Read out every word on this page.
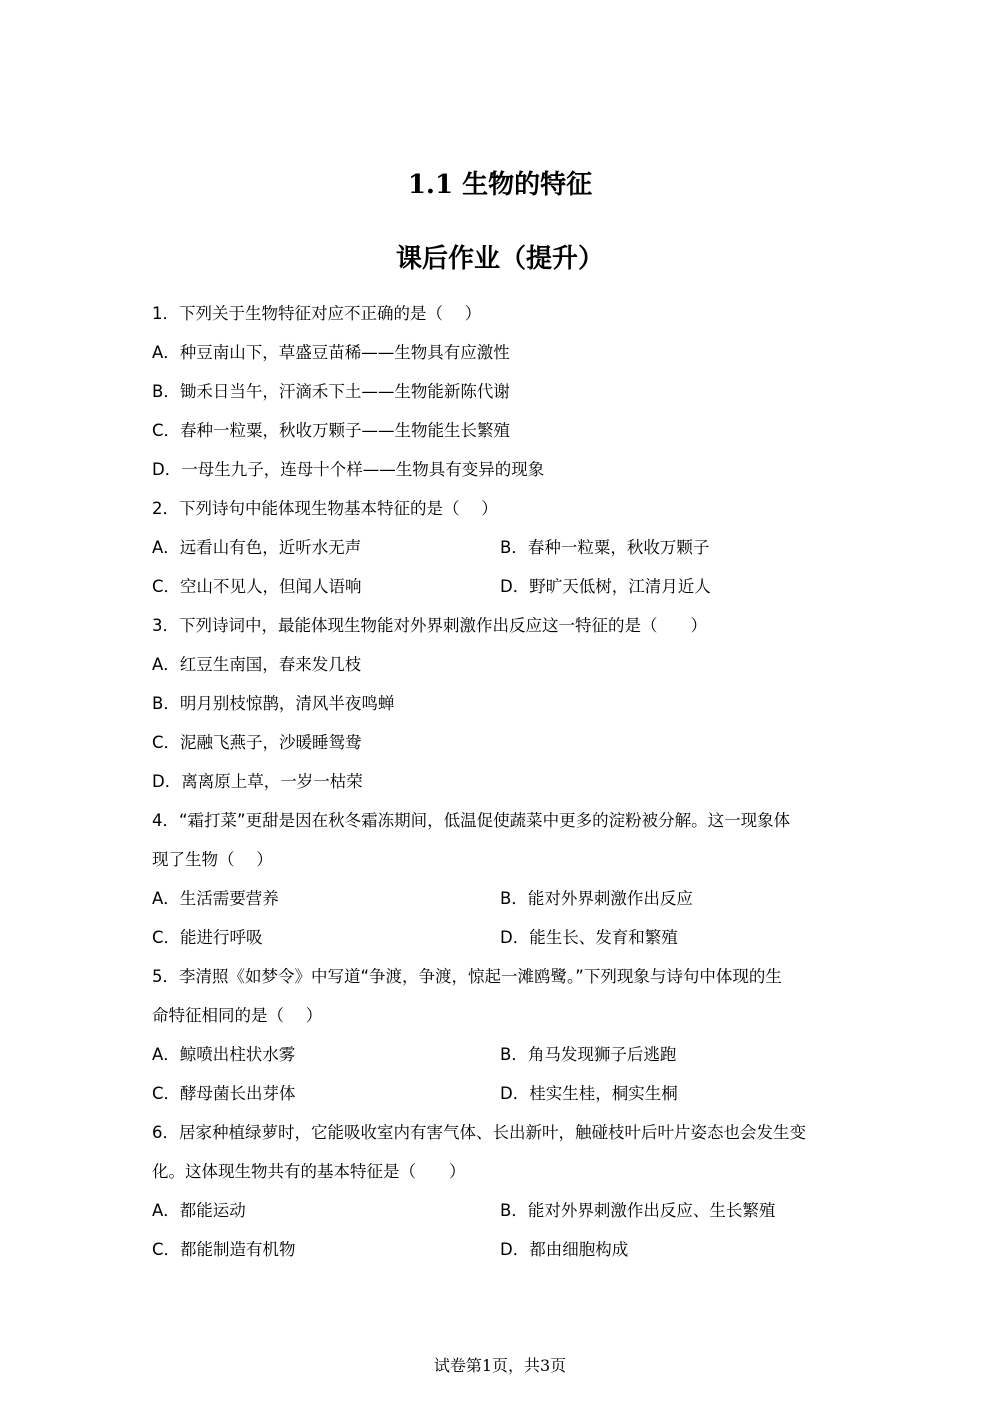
1.1 生物的特征
课后作业（提升）
1．下列关于生物特征对应不正确的是（　 ）
A．种豆南山下，草盛豆苗稀——生物具有应激性
B．锄禾日当午，汗滴禾下土——生物能新陈代谢
C．春种一粒粟，秋收万颗子——生物能生长繁殖
D．一母生九子，连母十个样——生物具有变异的现象
2．下列诗句中能体现生物基本特征的是（　 ）
A．远看山有色，近听水无声	B．春种一粒粟，秋收万颗子
C．空山不见人，但闻人语响	D．野旷天低树，江清月近人
3．下列诗词中，最能体现生物能对外界刺激作出反应这一特征的是（　　）
A．红豆生南国，春来发几枝
B．明月别枝惊鹊，清风半夜鸣蝉
C．泥融飞燕子，沙暖睡鸳鸯
D．离离原上草，一岁一枯荣
4．“霜打菜”更甜是因在秋冬霜冻期间，低温促使蔬菜中更多的淀粉被分解。这一现象体
现了生物（　 ）
A．生活需要营养	B．能对外界刺激作出反应
C．能进行呼吸	D．能生长、发育和繁殖
5．李清照《如梦令》中写道“争渡，争渡，惊起一滩鸥鹭。”下列现象与诗句中体现的生
命特征相同的是（　 ）
A．鲸喷出柱状水雾	B．角马发现狮子后逃跑
C．酵母菌长出芽体	D．桂实生桂，桐实生桐
6．居家种植绿萝时，它能吸收室内有害气体、长出新叶，触碰枝叶后叶片姿态也会发生变
化。这体现生物共有的基本特征是（　　）
A．都能运动	B．能对外界刺激作出反应、生长繁殖
C．都能制造有机物	D．都由细胞构成
试卷第1页，共3页
